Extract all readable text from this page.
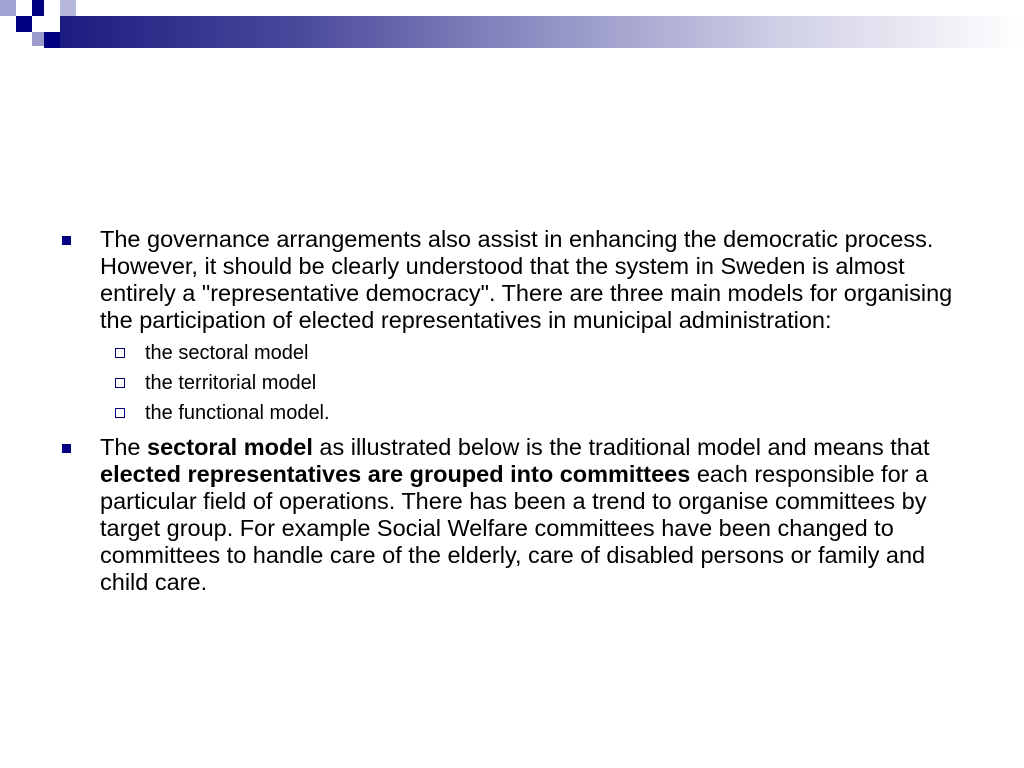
The governance arrangements also assist in enhancing the democratic process. However, it should be clearly understood that the system in Sweden is almost entirely a "representative democracy". There are three main models for organising the participation of elected representatives in municipal administration:
the sectoral model
the territorial model
the functional model.
The sectoral model as illustrated below is the traditional model and means that elected representatives are grouped into committees each responsible for a particular field of operations. There has been a trend to organise committees by target group. For example Social Welfare committees have been changed to committees to handle care of the elderly, care of disabled persons or family and child care.
